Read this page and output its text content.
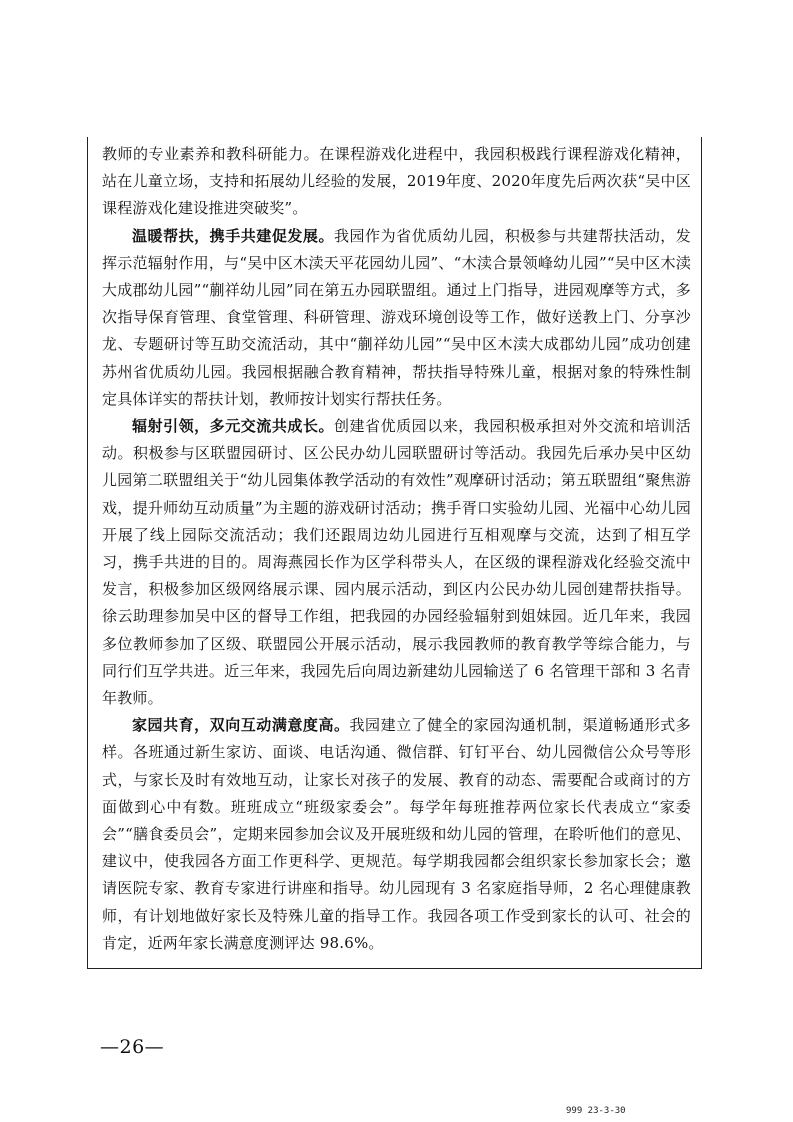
教师的专业素养和教科研能力。在课程游戏化进程中，我园积极践行课程游戏化精神，站在儿童立场，支持和拓展幼儿经验的发展，2019年度、2020年度先后两次获“吴中区课程游戏化建设推进突破奖”。

温暖帮扶，携手共建促发展。我园作为省优质幼儿园，积极参与共建帮扶活动，发挥示范辐射作用，与“吴中区木渎天平花园幼儿园”、“木渎合景领峰幼儿园”“吴中区木渎大成郡幼儿园”“蒯祥幼儿园”同在第五办园联盟组。通过上门指导，进园观摩等方式，多次指导保育管理、食堂管理、科研管理、游戏环境创设等工作，做好送教上门、分享沙龙、专题研讨等互助交流活动，其中“蒯祥幼儿园”“吴中区木渎大成郡幼儿园”成功创建苏州省优质幼儿园。我园根据融合教育精神，帮扶指导特殊儿童，根据对象的特殊性制定具体详实的帮扶计划，教师按计划实行帮扶任务。

辐射引领，多元交流共成长。创建省优质园以来，我园积极承担对外交流和培训活动。积极参与区联盟园研讨、区公民办幼儿园联盟研讨等活动。我园先后承办吴中区幼儿园第二联盟组关于“幼儿园集体教学活动的有效性”观摩研讨活动；第五联盟组“聚焦游戏，提升师幼互动质量”为主题的游戏研讨活动；携手胥口实验幼儿园、光福中心幼儿园开展了线上园际交流活动；我们还跟周边幼儿园进行互相观摩与交流，达到了相互学习，携手共进的目的。周海燕园长作为区学科带头人，在区级的课程游戏化经验交流中发言，积极参加区级网络展示课、园内展示活动，到区内公民办幼儿园创建帮扶指导。徐云助理参加吴中区的督导工作组，把我园的办园经验辐射到姐妹园。近几年来，我园多位教师参加了区级、联盟园公开展示活动，展示我园教师的教育教学等综合能力，与同行们互学共进。近三年来，我园先后向周边新建幼儿园输送了 6 名管理干部和 3 名青年教师。

家园共育，双向互动满意度高。我园建立了健全的家园沟通机制，渠道畅通形式多样。各班通过新生家访、面谈、电话沟通、微信群、钉钉平台、幼儿园微信公众号等形式，与家长及时有效地互动，让家长对孩子的发展、教育的动态、需要配合或商讨的方面做到心中有数。班班成立“班级家委会”。每学年每班推荐两位家长代表成立“家委会”“膳食委员会”，定期来园参加会议及开展班级和幼儿园的管理，在聆听他们的意见、建议中，使我园各方面工作更科学、更规范。每学期我园都会组织家长参加家长会；邀请医院专家、教育专家进行讲座和指导。幼儿园现有 3 名家庭指导师，2 名心理健康教师，有计划地做好家长及特殊儿童的指导工作。我园各项工作受到家长的认可、社会的肯定，近两年家长满意度测评达 98.6%。

—26—
999 23-3-30
